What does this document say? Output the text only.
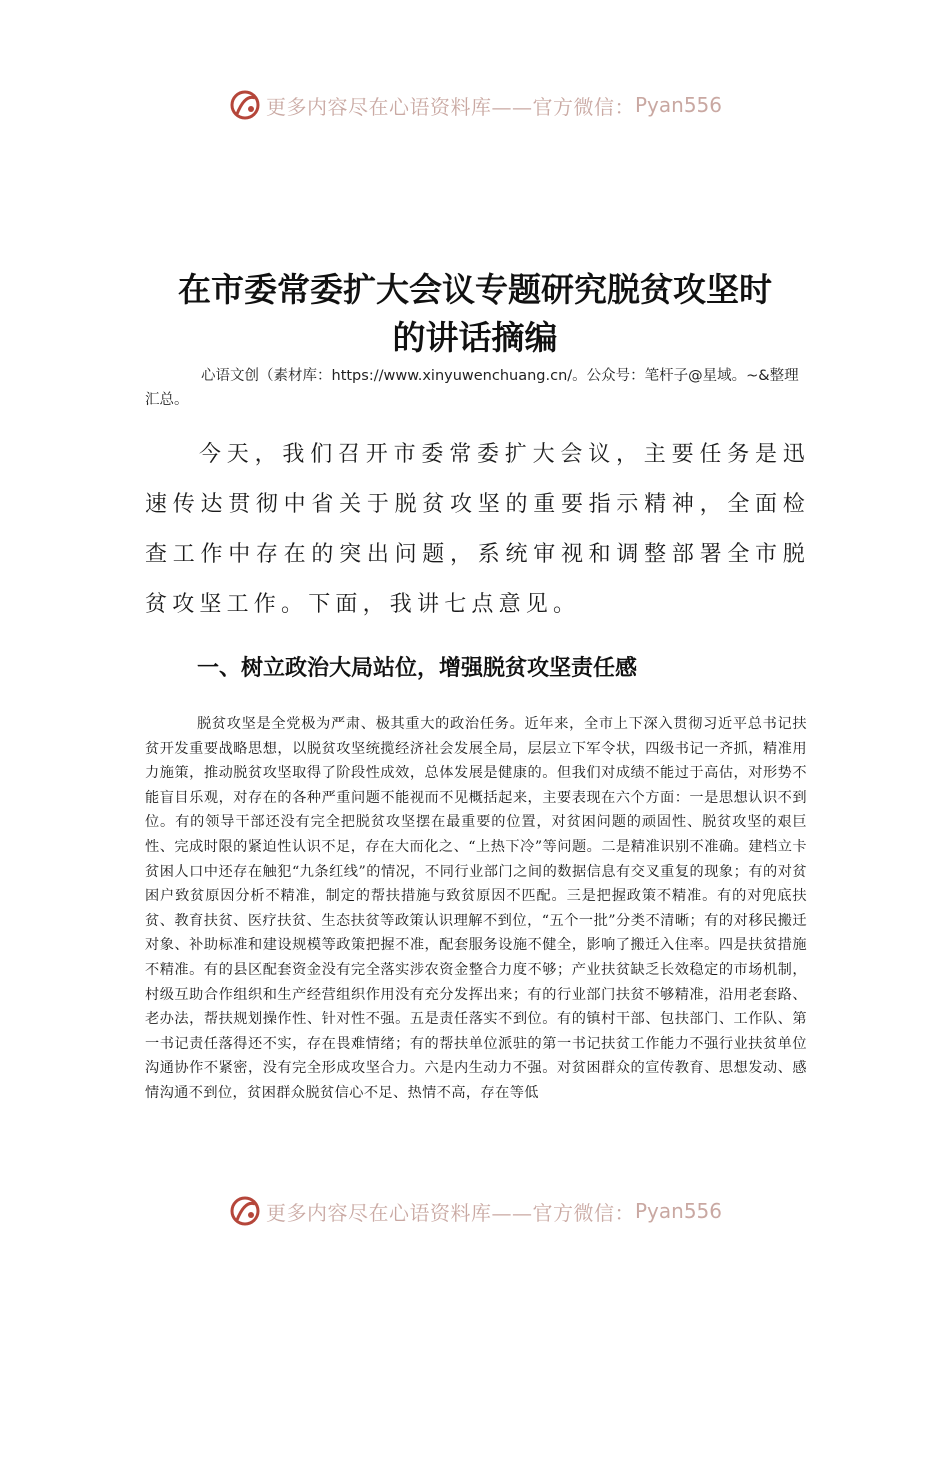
更多内容尽在心语资料库——官方微信： Pyan556
在市委常委扩大会议专题研究脱贫攻坚时
的讲话摘编
心语文创（素材库：https://www.xinyuwenchuang.cn/。公众号：笔杆子@星域。~&整理汇总。
今天，我们召开市委常委扩大会议，主要任务是迅速传达贯彻中省关于脱贫攻坚的重要指示精神，全面检查工作中存在的突出问题，系统审视和调整部署全市脱贫攻坚工作。下面，我讲七点意见。
一、树立政治大局站位，增强脱贫攻坚责任感
脱贫攻坚是全党极为严肃、极其重大的政治任务。近年来，全市上下深入贯彻习近平总书记扶贫开发重要战略思想，以脱贫攻坚统揽经济社会发展全局，层层立下军令状，四级书记一齐抓，精准用力施策，推动脱贫攻坚取得了阶段性成效，总体发展是健康的。但我们对成绩不能过于高估，对形势不能盲目乐观，对存在的各种严重问题不能视而不见概括起来，主要表现在六个方面：一是思想认识不到位。有的领导干部还没有完全把脱贫攻坚摆在最重要的位置，对贫困问题的顽固性、脱贫攻坚的艰巨性、完成时限的紧迫性认识不足，存在大而化之、“上热下冷”等问题。二是精准识别不准确。建档立卡贫困人口中还存在触犯“九条红线”的情况，不同行业部门之间的数据信息有交叉重复的现象；有的对贫困户致贫原因分析不精准，制定的帮扶措施与致贫原因不匹配。三是把握政策不精准。有的对兜底扶贫、教育扶贫、医疗扶贫、生态扶贫等政策认识理解不到位，“五个一批”分类不清晰；有的对移民搬迁对象、补助标准和建设规模等政策把握不准，配套服务设施不健全，影响了搬迁入住率。四是扶贫措施不精准。有的县区配套资金没有完全落实涉农资金整合力度不够；产业扶贫缺乏长效稳定的市场机制，村级互助合作组织和生产经营组织作用没有充分发挥出来；有的行业部门扶贫不够精准，沿用老套路、老办法，帮扶规划操作性、针对性不强。五是责任落实不到位。有的镇村干部、包扶部门、工作队、第一书记责任落得还不实，存在畏难情绪；有的帮扶单位派驻的第一书记扶贫工作能力不强行业扶贫单位沟通协作不紧密，没有完全形成攻坚合力。六是内生动力不强。对贫困群众的宣传教育、思想发动、感情沟通不到位，贫困群众脱贫信心不足、热情不高，存在等低
更多内容尽在心语资料库——官方微信： Pyan556
